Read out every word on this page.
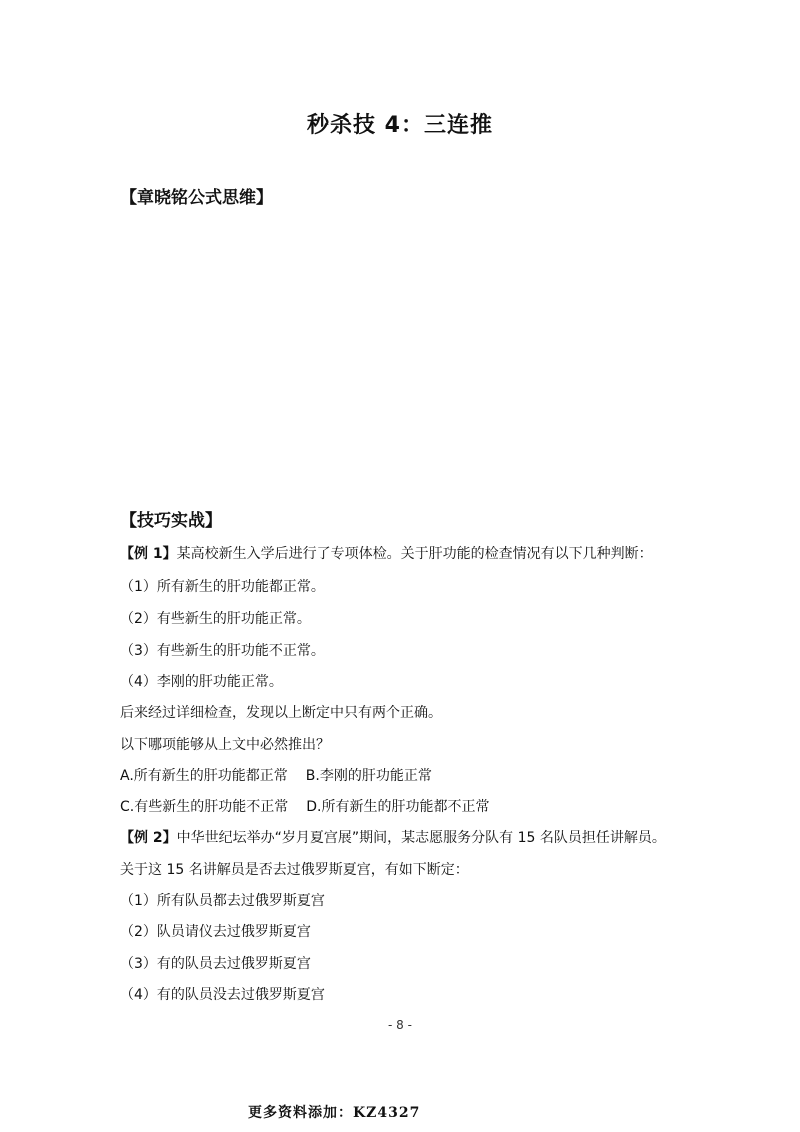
秒杀技 4：三连推
【章晓铭公式思维】
【技巧实战】
【例 1】某高校新生入学后进行了专项体检。关于肝功能的检查情况有以下几种判断：
（1）所有新生的肝功能都正常。
（2）有些新生的肝功能正常。
（3）有些新生的肝功能不正常。
（4）李刚的肝功能正常。
后来经过详细检查，发现以上断定中只有两个正确。
以下哪项能够从上文中必然推出？
A.所有新生的肝功能都正常 B.李刚的肝功能正常
C.有些新生的肝功能不正常 D.所有新生的肝功能都不正常
【例 2】中华世纪坛举办“岁月夏宫展”期间，某志愿服务分队有 15 名队员担任讲解员。
关于这 15 名讲解员是否去过俄罗斯夏宫，有如下断定：
（1）所有队员都去过俄罗斯夏宫
（2）队员请仪去过俄罗斯夏宫
（3）有的队员去过俄罗斯夏宫
（4）有的队员没去过俄罗斯夏宫
- 8 -
更多资料添加：KZ4327
